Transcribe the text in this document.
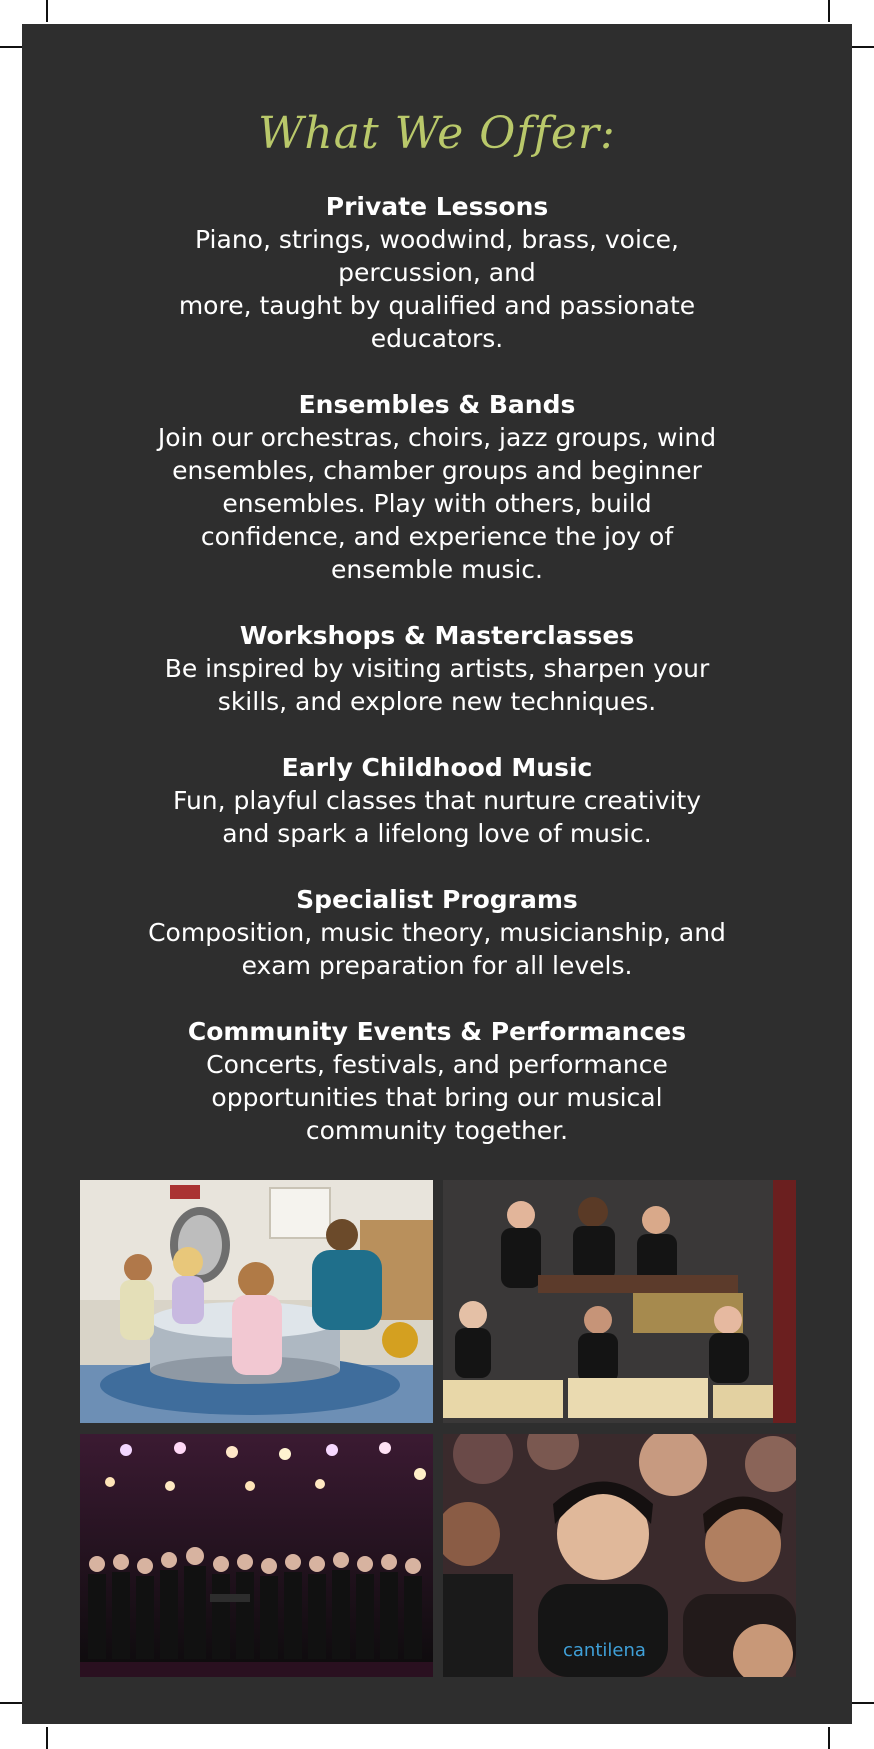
What We Offer:
Private Lessons
Piano, strings, woodwind, brass, voice,
percussion, and
more, taught by qualified and passionate
educators.
Ensembles & Bands
Join our orchestras, choirs, jazz groups, wind
ensembles, chamber groups and beginner
ensembles. Play with others, build
confidence, and experience the joy of
ensemble music.
Workshops & Masterclasses
Be inspired by visiting artists, sharpen your
skills, and explore new techniques.
Early Childhood Music
Fun, playful classes that nurture creativity
and spark a lifelong love of music.
Specialist Programs
Composition, music theory, musicianship, and
exam preparation for all levels.
Community Events & Performances
Concerts, festivals, and performance
opportunities that bring our musical
community together.
cantilena
